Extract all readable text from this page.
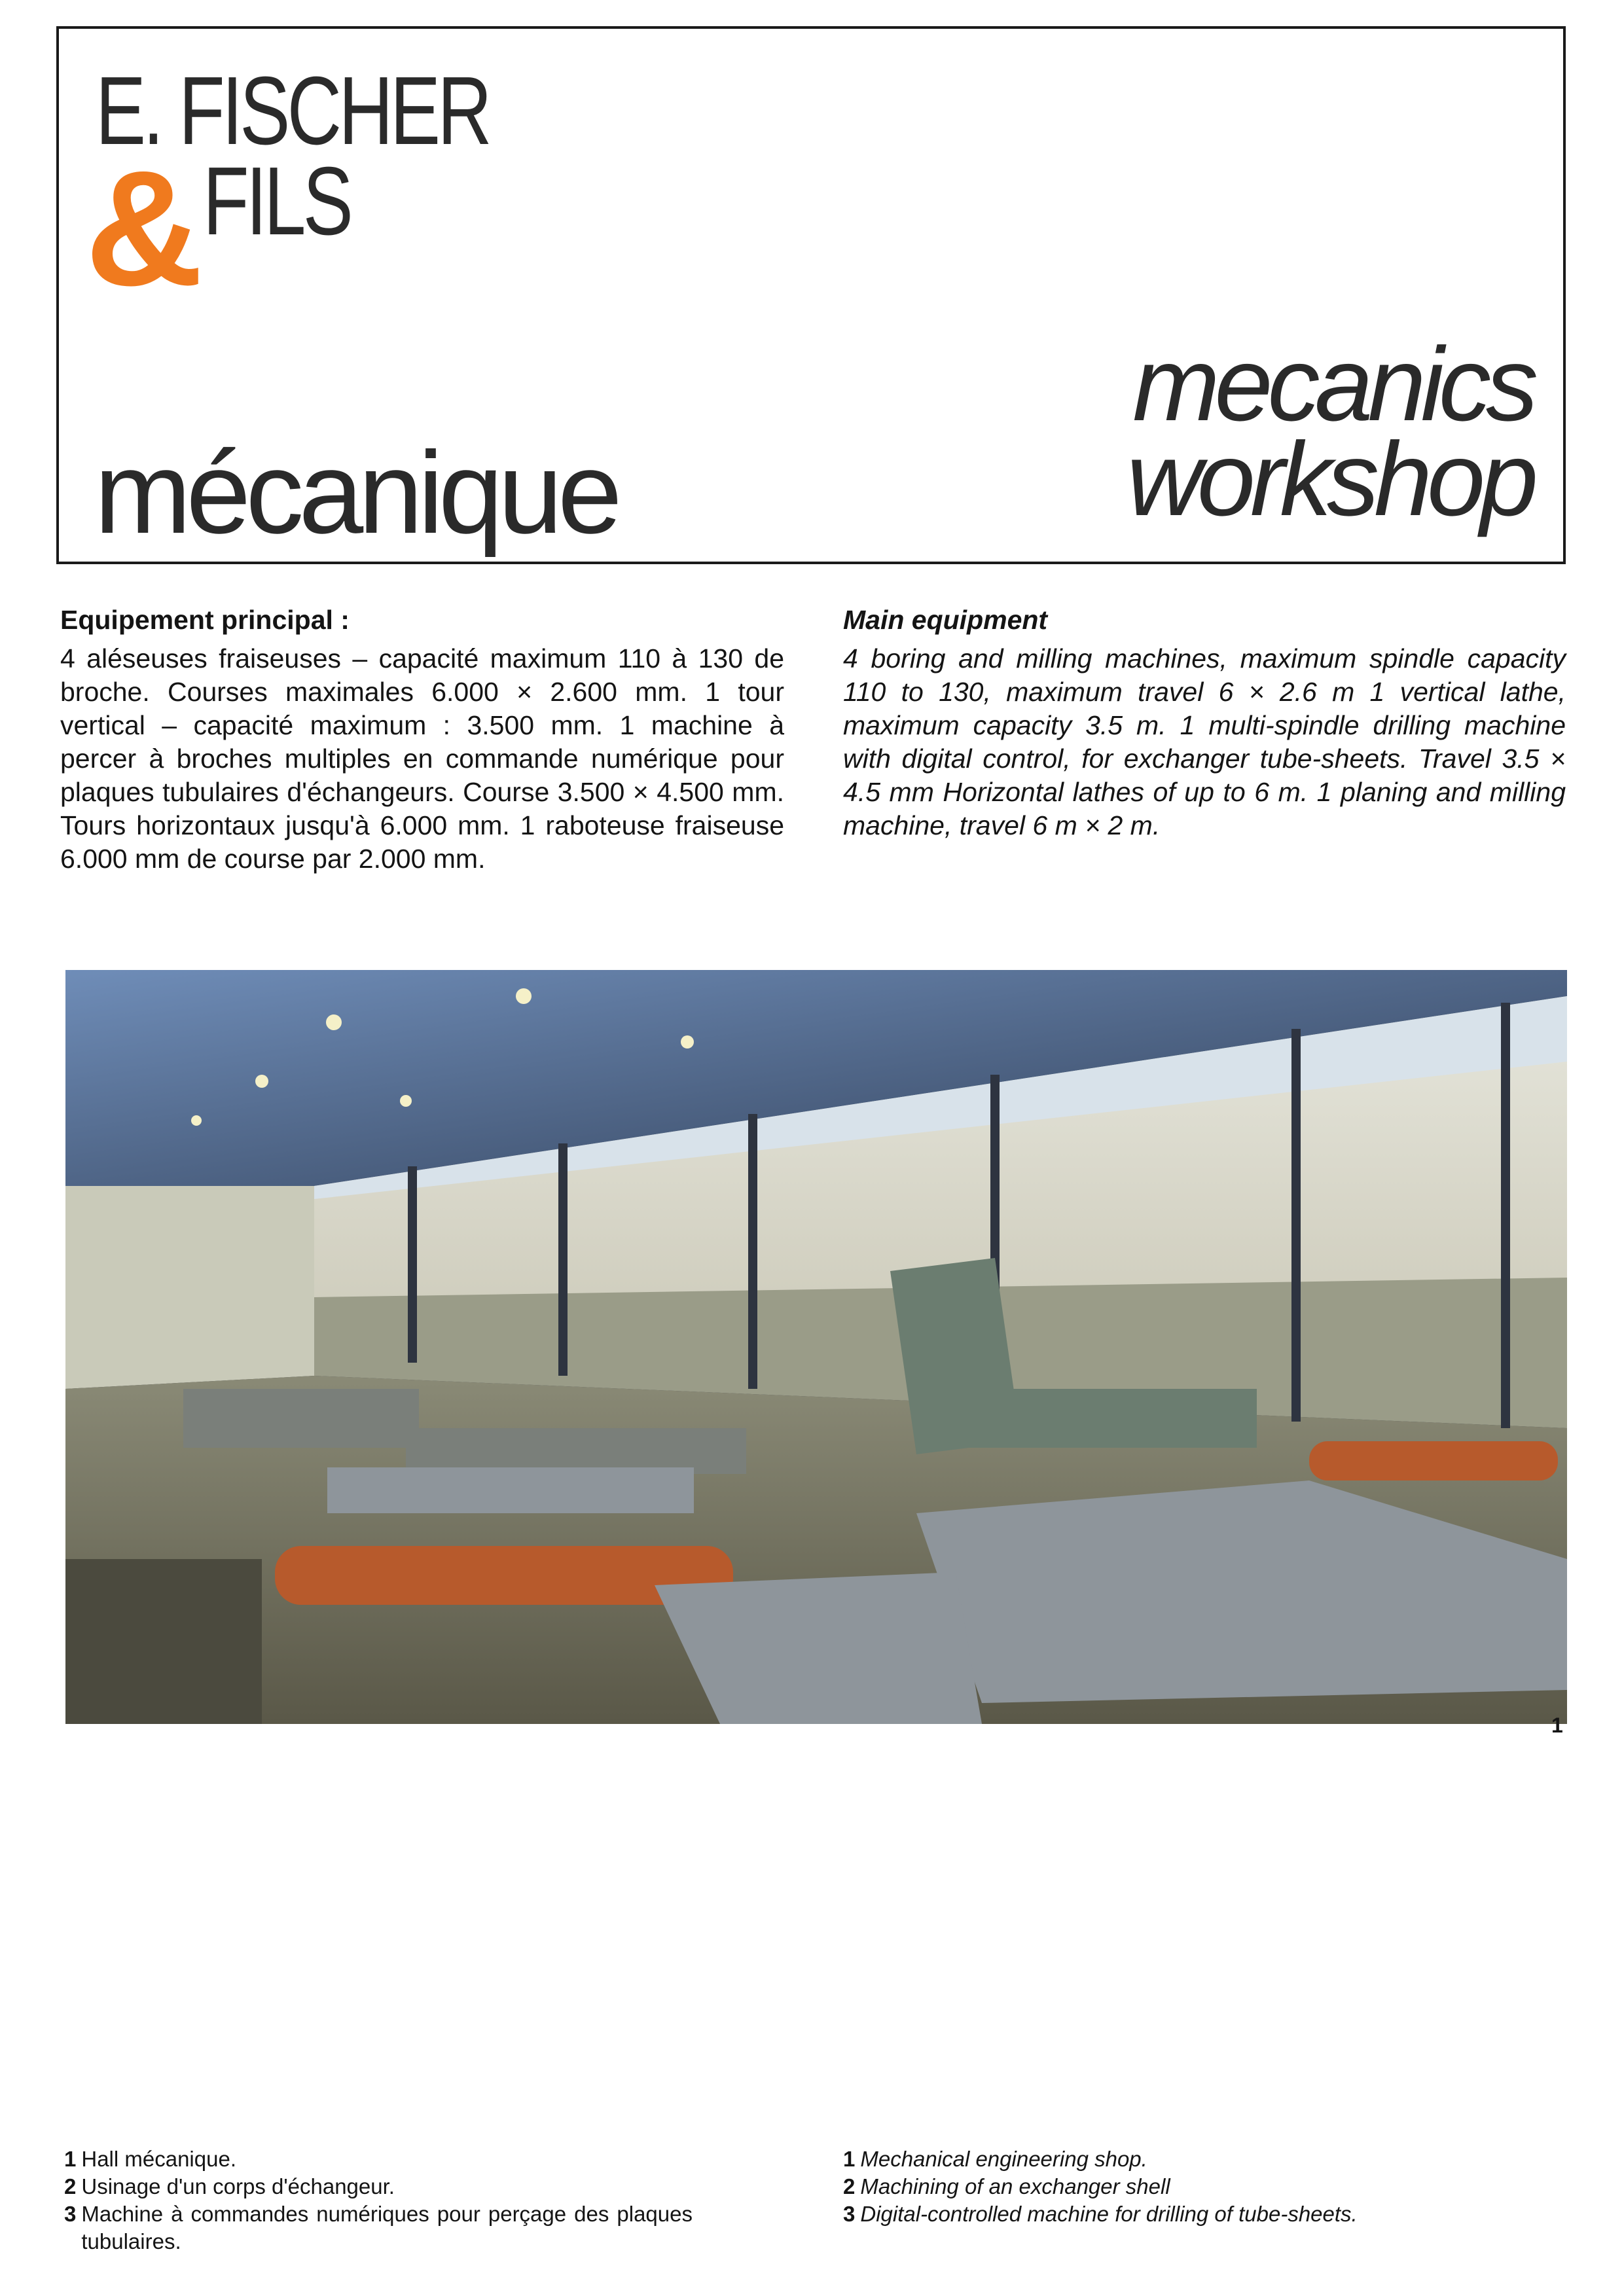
E. FISCHER
& FILS
mécanique
mecanics
workshop
Equipement principal :

4 aléseuses fraiseuses – capacité maximum 110 à 130 de broche. Courses maximales 6.000 × 2.600 mm. 1 tour vertical – capacité maximum : 3.500 mm. 1 machine à percer à broches multiples en commande numérique pour plaques tubulaires d'échangeurs. Course 3.500 × 4.500 mm. Tours horizontaux jusqu'à 6.000 mm. 1 raboteuse fraiseuse 6.000 mm de course par 2.000 mm.

Main equipment

4 boring and milling machines, maximum spindle capacity 110 to 130, maximum travel 6 × 2.6 m 1 vertical lathe, maximum capacity 3.5 m. 1 multi-spindle drilling machine with digital control, for exchanger tube-sheets. Travel 3.5 × 4.5 mm Horizontal lathes of up to 6 m. 1 planing and milling machine, travel 6 m × 2 m.

1
1 Hall mécanique.
2 Usinage d'un corps d'échangeur.
3 Machine à commandes numériques pour perçage des plaques tubulaires.
1 Mechanical engineering shop.
2 Machining of an exchanger shell
3 Digital-controlled machine for drilling of tube-sheets.
